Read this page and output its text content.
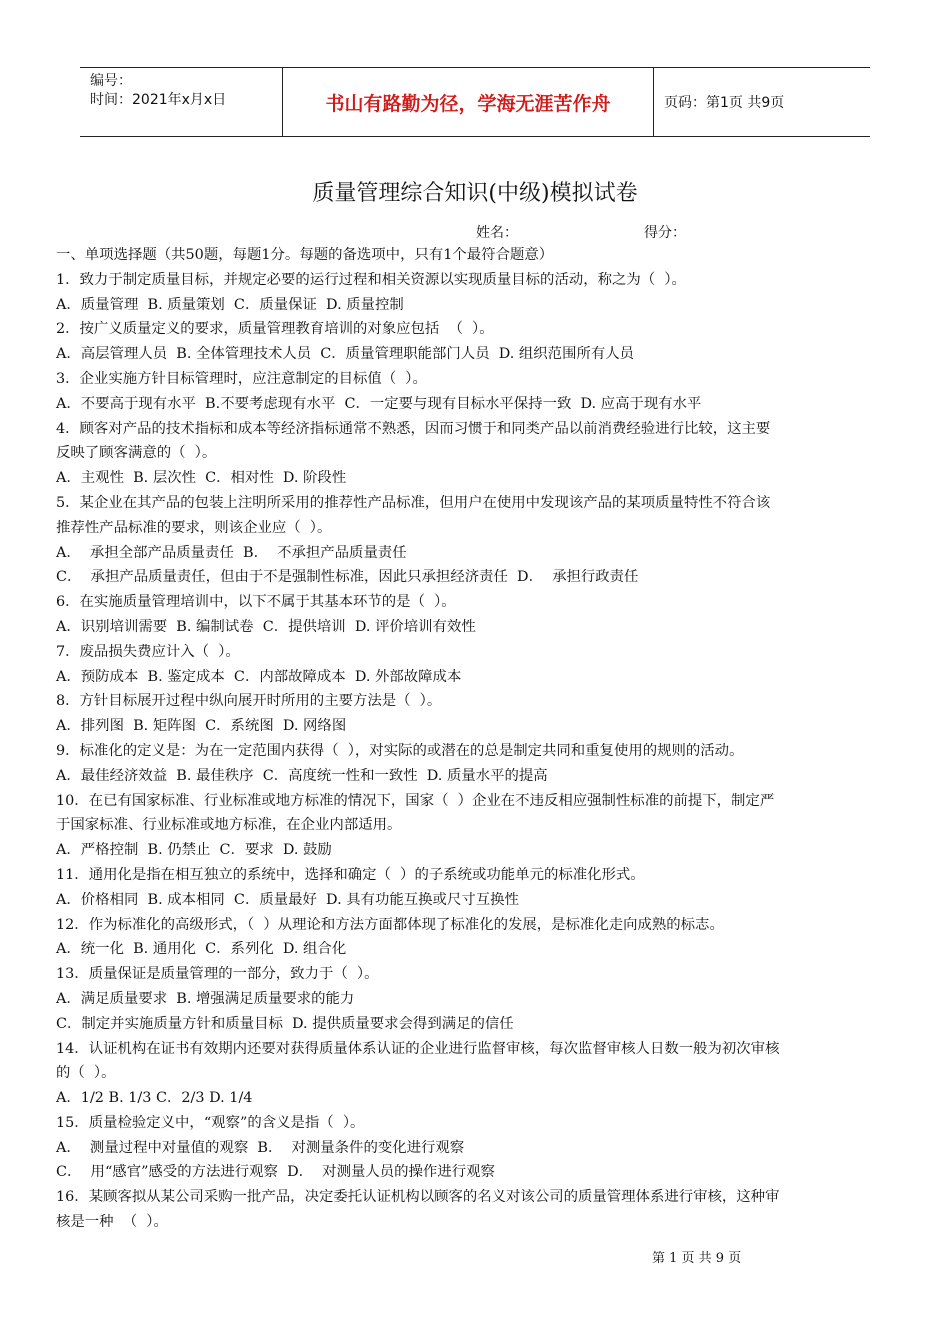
编号：
时间：2021年x月x日	书山有路勤为径，学海无涯苦作舟	页码：第1页 共9页
质量管理综合知识(中级)模拟试卷
姓名：	得分：
一、单项选择题（共50题，每题1分。每题的备选项中，只有1个最符合题意）
1．致力于制定质量目标，并规定必要的运行过程和相关资源以实现质量目标的活动，称之为（  ）。
A．质量管理  B. 质量策划  C．质量保证  D. 质量控制
2．按广义质量定义的要求，质量管理教育培训的对象应包括  （  ）。
A．高层管理人员  B. 全体管理技术人员  C．质量管理职能部门人员  D. 组织范围所有人员
3．企业实施方针目标管理时，应注意制定的目标值（  ）。
A．不要高于现有水平  B.不要考虑现有水平  C．一定要与现有目标水平保持一致  D. 应高于现有水平
4．顾客对产品的技术指标和成本等经济指标通常不熟悉，因而习惯于和同类产品以前消费经验进行比较，这主要
反映了顾客满意的（  ）。
A．主观性  B. 层次性  C．相对性  D. 阶段性
5．某企业在其产品的包装上注明所采用的推荐性产品标准，但用户在使用中发现该产品的某项质量特性不符合该
推荐性产品标准的要求，则该企业应（  ）。
A．  承担全部产品质量责任  B．  不承担产品质量责任
C．  承担产品质量责任，但由于不是强制性标准，因此只承担经济责任  D．  承担行政责任
6．在实施质量管理培训中，以下不属于其基本环节的是（  ）。
A．识别培训需要  B. 编制试卷  C．提供培训  D. 评价培训有效性
7．废品损失费应计入（  ）。
A．预防成本  B. 鉴定成本  C．内部故障成本  D. 外部故障成本
8．方针目标展开过程中纵向展开时所用的主要方法是（  ）。
A．排列图  B. 矩阵图  C．系统图  D. 网络图
9．标准化的定义是：为在一定范围内获得（  ），对实际的或潜在的总是制定共同和重复使用的规则的活动。
A．最佳经济效益  B. 最佳秩序  C．高度统一性和一致性  D. 质量水平的提高
10．在已有国家标准、行业标准或地方标准的情况下，国家（  ）企业在不违反相应强制性标准的前提下，制定严
于国家标准、行业标准或地方标准，在企业内部适用。
A．严格控制  B. 仍禁止  C．要求  D. 鼓励
11．通用化是指在相互独立的系统中，选择和确定（  ）的子系统或功能单元的标准化形式。
A．价格相同  B. 成本相同  C．质量最好  D. 具有功能互换或尺寸互换性
12．作为标准化的高级形式，（  ）从理论和方法方面都体现了标准化的发展，是标准化走向成熟的标志。
A．统一化  B. 通用化  C．系列化  D. 组合化
13．质量保证是质量管理的一部分，致力于（  ）。
A．满足质量要求  B. 增强满足质量要求的能力
C．制定并实施质量方针和质量目标  D. 提供质量要求会得到满足的信任
14．认证机构在证书有效期内还要对获得质量体系认证的企业进行监督审核，每次监督审核人日数一般为初次审核
的（  ）。
A．1/2 B. 1/3 C．2/3 D. 1/4
15．质量检验定义中，“观察”的含义是指（  ）。
A．  测量过程中对量值的观察  B．  对测量条件的变化进行观察
C．  用“感官”感受的方法进行观察  D．  对测量人员的操作进行观察
16．某顾客拟从某公司采购一批产品，决定委托认证机构以顾客的名义对该公司的质量管理体系进行审核，这种审
核是一种  （  ）。
第 1 页 共 9 页
